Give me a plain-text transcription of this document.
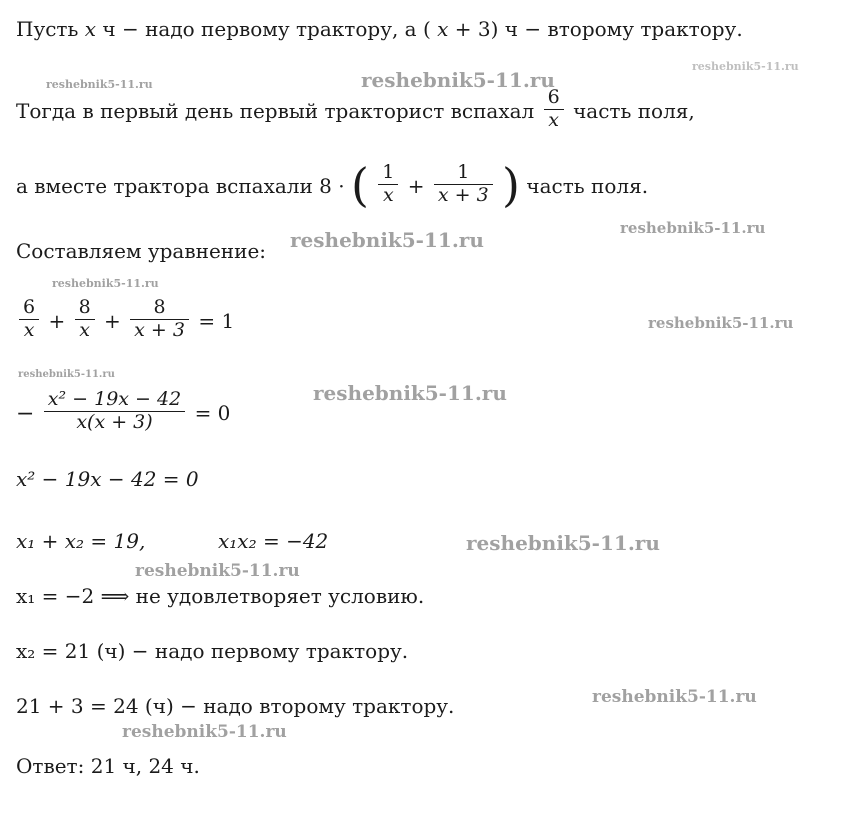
reshebnik5-11.ru	reshebnik5-11.ru
reshebnik5-11.ru
reshebnik5-11.ru	reshebnik5-11.ru
reshebnik5-11.ru
reshebnik5-11.ru
reshebnik5-11.ru
reshebnik5-11.ru
reshebnik5-11.ru
reshebnik5-11.ru
reshebnik5-11.ru
reshebnik5-11.ru
Пусть x ч − надо первому трактору, а ( x + 3) ч − второму трактору.
Тогда в первый день первый тракторист вспахал $\frac{6}{x}$ часть поля,
а вместе трактора вспахали 8 · ( $\frac{1}{x} + \frac{1}{x + 3}$ ) часть поля.
Составляем уравнение:
$\frac{6}{x} + \frac{8}{x} + \frac{8}{x + 3} = 1$
− $\frac{\text{x² − 19x − 42}}{x(x + 3)} = 0$
x² − 19x − 42 = 0
x₁ + x₂ = 19,	x₁x₂ = −42
x₁ = −2 ⟹ не удовлетворяет условию.
x₂ = 21 (ч) − надо первому трактору.
21 + 3 = 24 (ч) − надо второму трактору.
Ответ: 21 ч, 24 ч.
